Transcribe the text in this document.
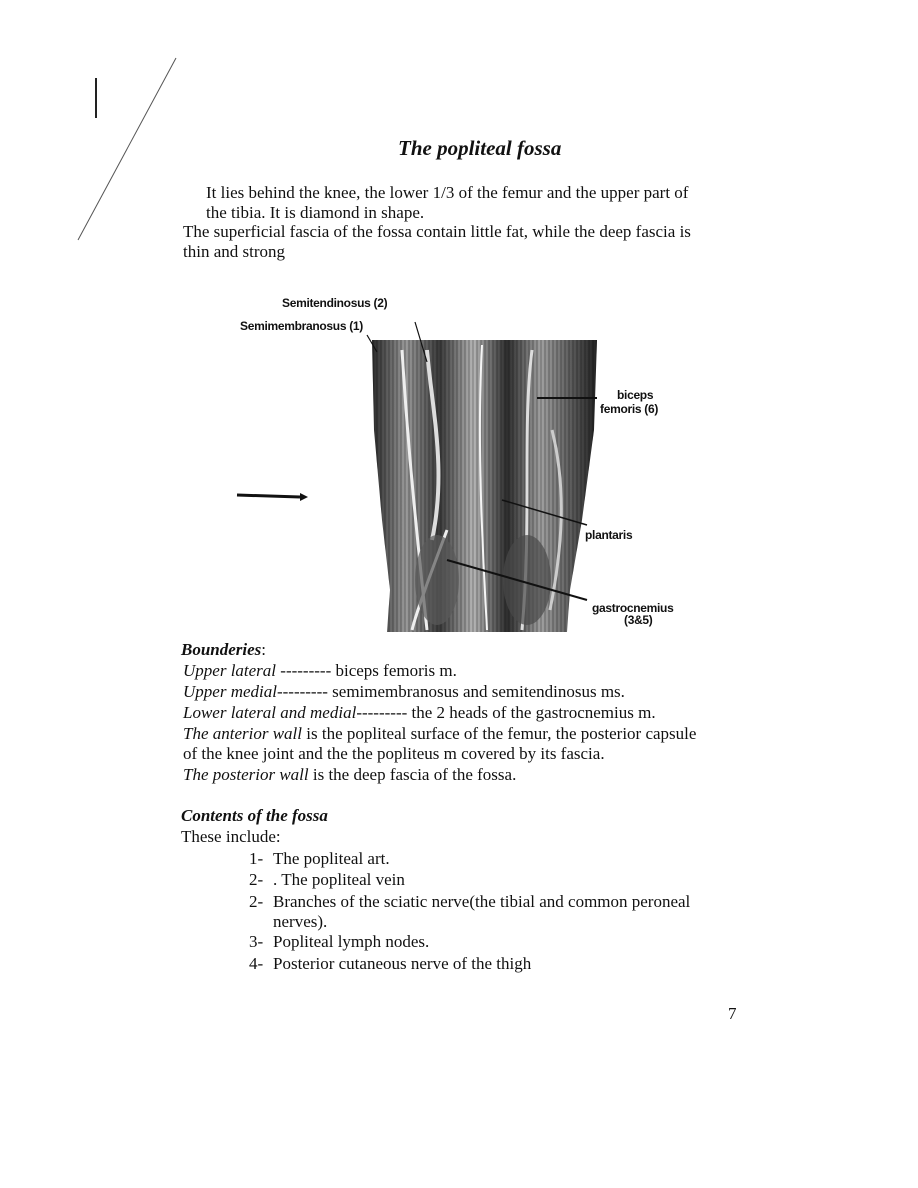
The popliteal fossa
It lies behind the knee, the lower 1/3 of the femur and the upper part of
the tibia. It is diamond in shape.
The superficial fascia of the fossa contain little fat, while the deep fascia is
thin and strong
Semitendinosus (2)
Semimembranosus (1)
biceps
femoris (6)
plantaris
gastrocnemius
(3&5)
Bounderies:
Upper lateral --------- biceps femoris m.
Upper medial--------- semimembranosus and semitendinosus ms.
Lower lateral and medial--------- the 2 heads of the gastrocnemius m.
The anterior wall is the popliteal surface of the femur, the posterior capsule
of the knee joint and the the popliteus m covered by its fascia.
The posterior wall is the deep fascia of the fossa.
Contents of the fossa
These include:
1- The popliteal art.
2- . The popliteal vein
2- Branches of the sciatic nerve(the tibial and common peroneal
nerves).
3- Popliteal lymph nodes.
4- Posterior cutaneous nerve of the thigh
7
